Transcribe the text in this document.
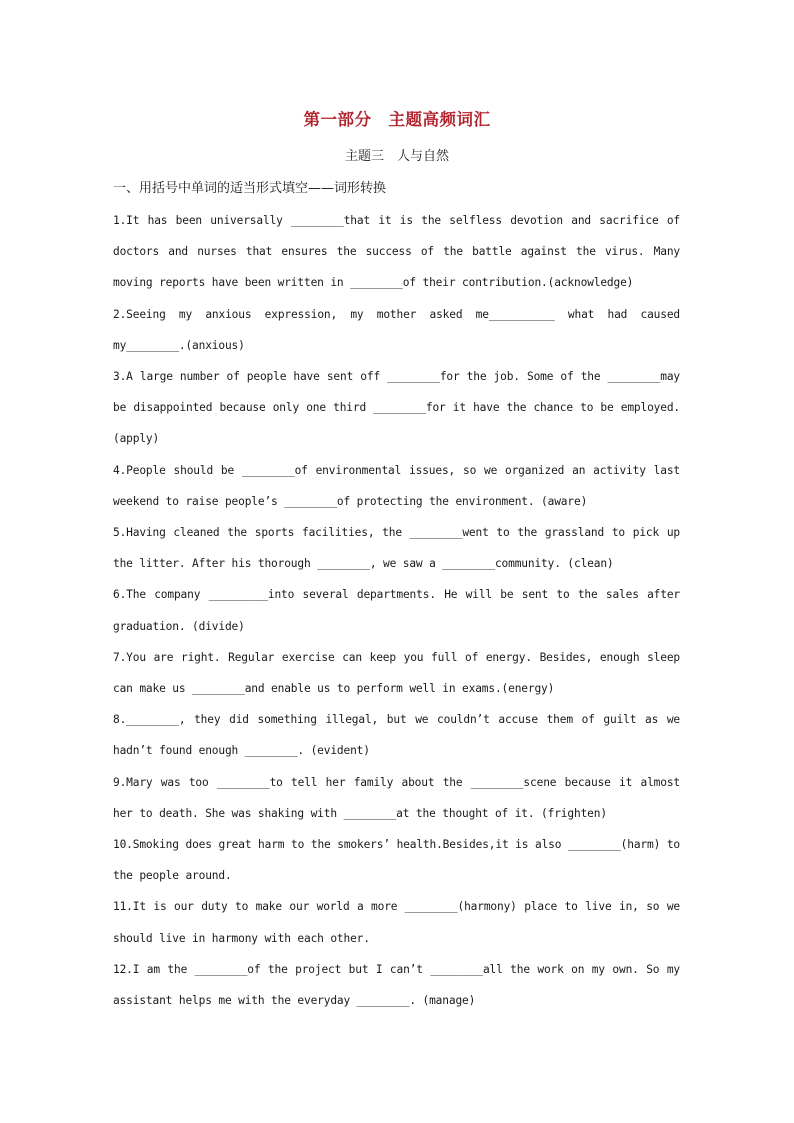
第一部分　主题高频词汇
主题三　人与自然
一、用括号中单词的适当形式填空——词形转换
1.It has been universally ________that it is the selfless devotion and sacrifice of doctors and nurses that ensures the success of the battle against the virus. Many moving reports have been written in ________of their contribution.(acknowledge)
2.Seeing my anxious expression, my mother asked me__________ what had caused my________.(anxious)
3.A large number of people have sent off ________for the job. Some of the ________may be disappointed because only one third ________for it have the chance to be employed.(apply)
4.People should be ________of environmental issues, so we organized an activity last weekend to raise people’s ________of protecting the environment. (aware)
5.Having cleaned the sports facilities, the ________went to the grassland to pick up the litter. After his thorough ________, we saw a ________community. (clean)
6.The company _________into several departments. He will be sent to the sales after graduation. (divide)
7.You are right. Regular exercise can keep you full of energy. Besides, enough sleep can make us ________and enable us to perform well in exams.(energy)
8.________, they did something illegal, but we couldn’t accuse them of guilt as we hadn’t found enough ________. (evident)
9.Mary was too ________to tell her family about the ________scene because it almost her to death. She was shaking with ________at the thought of it. (frighten)
10.Smoking does great harm to the smokers’ health.Besides,it is also ________(harm) to the people around.
11.It is our duty to make our world a more ________(harmony) place to live in, so we should live in harmony with each other.
12.I am the ________of the project but I can’t ________all the work on my own. So my assistant helps me with the everyday ________. (manage)
